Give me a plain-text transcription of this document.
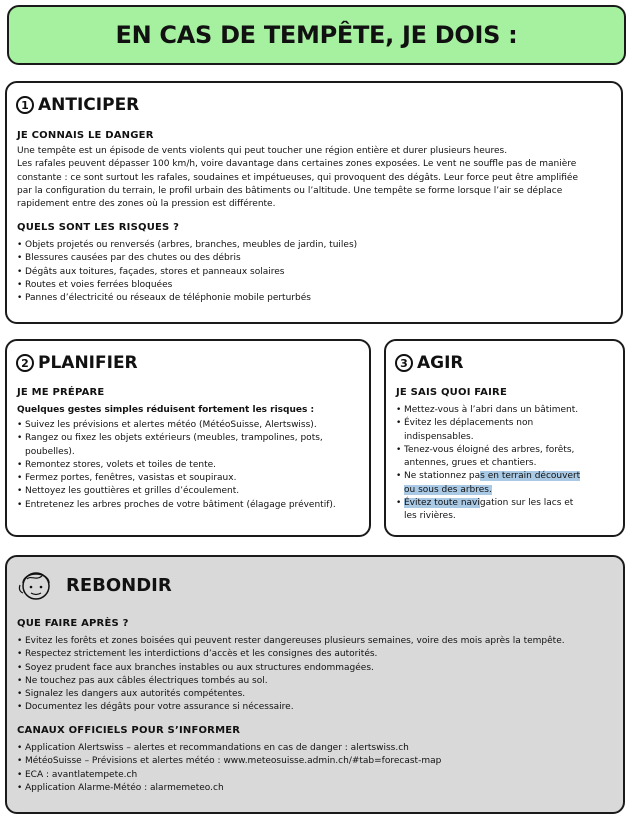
EN CAS DE TEMPÊTE, JE DOIS :
1 ANTICIPER
JE CONNAIS LE DANGER
Une tempête est un épisode de vents violents qui peut toucher une région entière et durer plusieurs heures.
Les rafales peuvent dépasser 100 km/h, voire davantage dans certaines zones exposées. Le vent ne souffle pas de manière
constante : ce sont surtout les rafales, soudaines et impétueuses, qui provoquent des dégâts. Leur force peut être amplifiée
par la configuration du terrain, le profil urbain des bâtiments ou l’altitude. Une tempête se forme lorsque l’air se déplace
rapidement entre des zones où la pression est différente.
QUELS SONT LES RISQUES ?
• Objets projetés ou renversés (arbres, branches, meubles de jardin, tuiles)
• Blessures causées par des chutes ou des débris
• Dégâts aux toitures, façades, stores et panneaux solaires
• Routes et voies ferrées bloquées
• Pannes d’électricité ou réseaux de téléphonie mobile perturbés
2 PLANIFIER
JE ME PRÉPARE
Quelques gestes simples réduisent fortement les risques :
• Suivez les prévisions et alertes météo (MétéoSuisse, Alertswiss).
• Rangez ou fixez les objets extérieurs (meubles, trampolines, pots,
poubelles).
• Remontez stores, volets et toiles de tente.
• Fermez portes, fenêtres, vasistas et soupiraux.
• Nettoyez les gouttières et grilles d’écoulement.
• Entretenez les arbres proches de votre bâtiment (élagage préventif).
3 AGIR
JE SAIS QUOI FAIRE
• Mettez-vous à l’abri dans un bâtiment.
• Évitez les déplacements non
indispensables.
• Tenez-vous éloigné des arbres, forêts,
antennes, grues et chantiers.
• Ne stationnez pas en terrain découvert
ou sous des arbres.
• Évitez toute navigation sur les lacs et
les rivières.
REBONDIR
QUE FAIRE APRÈS ?
• Evitez les forêts et zones boisées qui peuvent rester dangereuses plusieurs semaines, voire des mois après la tempête.
• Respectez strictement les interdictions d’accès et les consignes des autorités.
• Soyez prudent face aux branches instables ou aux structures endommagées.
• Ne touchez pas aux câbles électriques tombés au sol.
• Signalez les dangers aux autorités compétentes.
• Documentez les dégâts pour votre assurance si nécessaire.
CANAUX OFFICIELS POUR S’INFORMER
• Application Alertswiss – alertes et recommandations en cas de danger : alertswiss.ch
• MétéoSuisse – Prévisions et alertes météo : www.meteosuisse.admin.ch/#tab=forecast-map
• ECA : avantlatempete.ch
• Application Alarme-Météo : alarmemeteo.ch
